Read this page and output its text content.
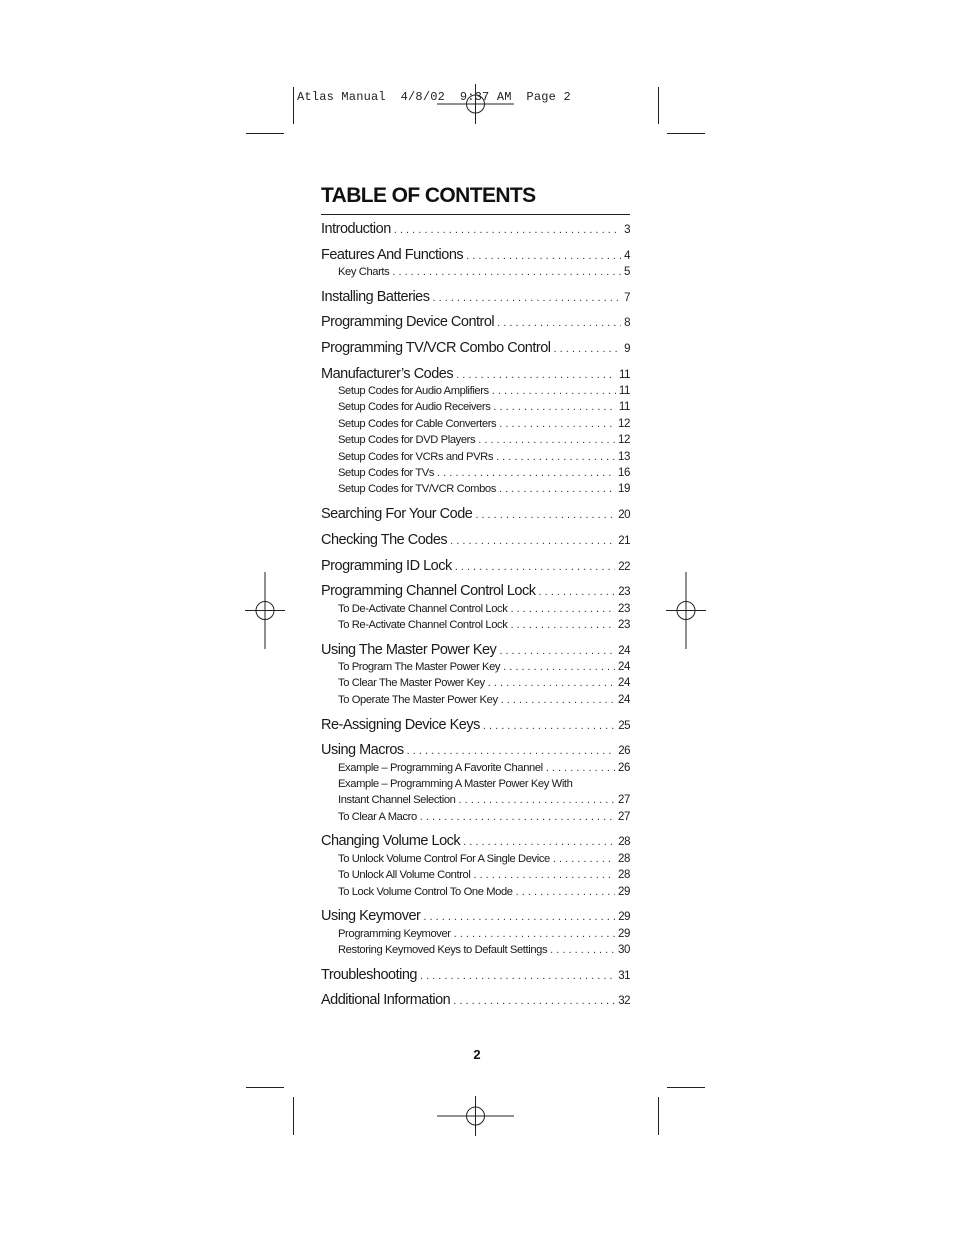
Atlas Manual  4/8/02  9:37 AM  Page 2
TABLE OF CONTENTS
Introduction . . .	3
Features And Functions . . .	4
Key Charts . . .	5
Installing Batteries . . .	7
Programming Device Control . . .	8
Programming TV/VCR Combo Control . . .	9
Manufacturer’s Codes . . .	11
Setup Codes for Audio Amplifiers . . .	11
Setup Codes for Audio Receivers . . .	11
Setup Codes for Cable Converters . . .	12
Setup Codes for DVD Players . . .	12
Setup Codes for VCRs and PVRs . . .	13
Setup Codes for TVs . . .	16
Setup Codes for TV/VCR Combos . . .	19
Searching For Your Code . . .	20
Checking The Codes . . .	21
Programming ID Lock . . .	22
Programming Channel Control Lock . . .	23
To De-Activate Channel Control Lock . . .	23
To Re-Activate Channel Control Lock . . .	23
Using The Master Power Key . . .	24
To Program The Master Power Key . . .	24
To Clear The Master Power Key . . .	24
To Operate The Master Power Key . . .	24
Re-Assigning Device Keys . . .	25
Using Macros . . .	26
Example – Programming A Favorite Channel . . .	26
Example – Programming A Master Power Key With
Instant Channel Selection . . .	27
To Clear A Macro . . .	27
Changing Volume Lock . . .	28
To Unlock Volume Control For A Single Device . . .	28
To Unlock All Volume Control . . .	28
To Lock Volume Control To One Mode . . .	29
Using Keymover . . .	29
Programming Keymover . . .	29
Restoring Keymoved Keys to Default Settings . . .	30
Troubleshooting . . .	31
Additional Information . . .	32
2
